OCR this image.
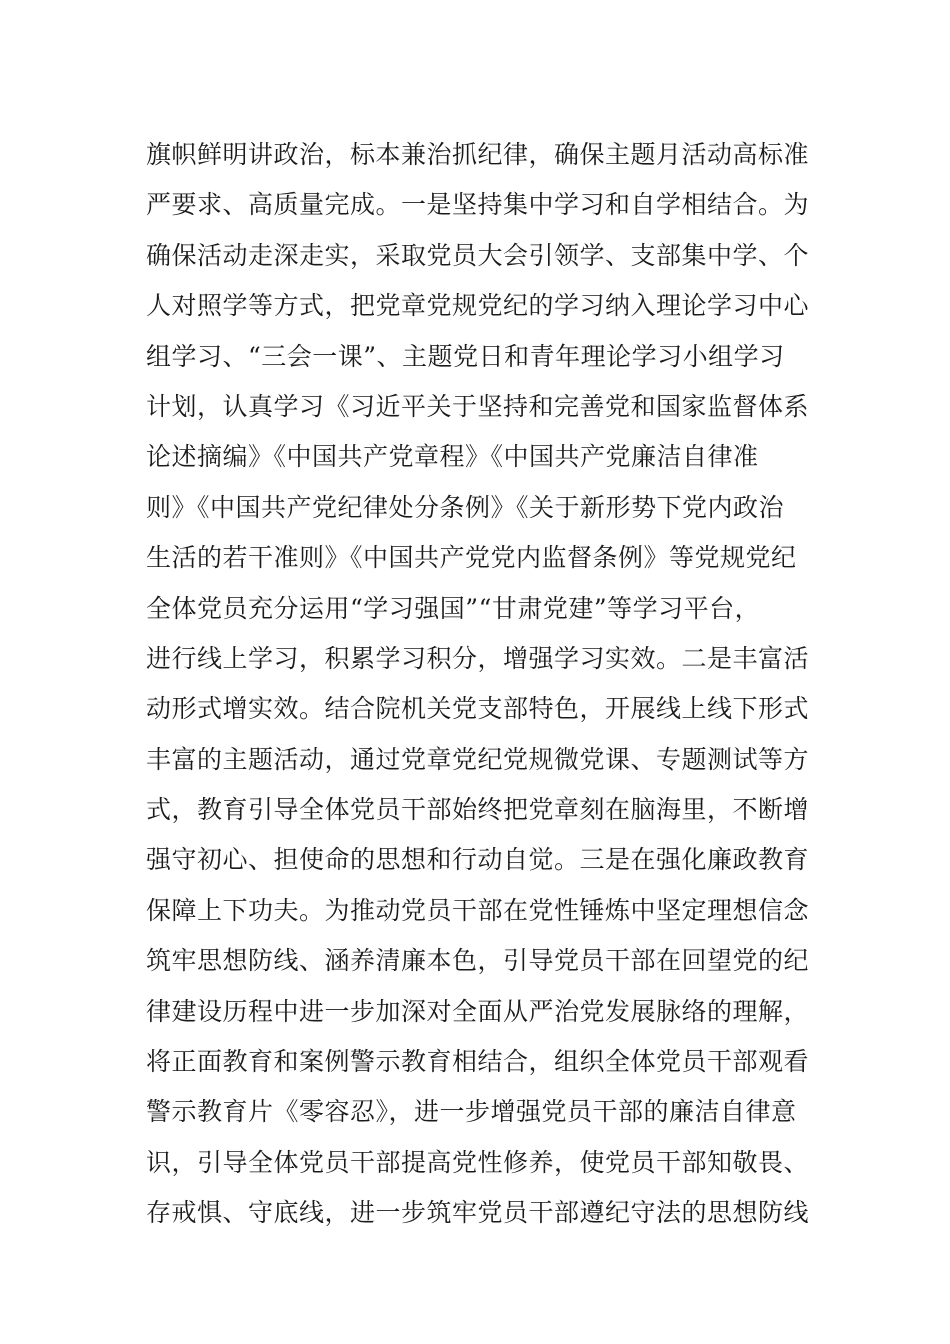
旗帜鲜明讲政治，标本兼治抓纪律，确保主题月活动高标准
严要求、高质量完成。一是坚持集中学习和自学相结合。为
确保活动走深走实，采取党员大会引领学、支部集中学、个
人对照学等方式，把党章党规党纪的学习纳入理论学习中心
组学习、“三会一课”、主题党日和青年理论学习小组学习
计划，认真学习《习近平关于坚持和完善党和国家监督体系
论述摘编》《中国共产党章程》《中国共产党廉洁自律准
则》《中国共产党纪律处分条例》《关于新形势下党内政治
生活的若干准则》《中国共产党党内监督条例》等党规党纪
全体党员充分运用“学习强国”“甘肃党建”等学习平台，
进行线上学习，积累学习积分，增强学习实效。二是丰富活
动形式增实效。结合院机关党支部特色，开展线上线下形式
丰富的主题活动，通过党章党纪党规微党课、专题测试等方
式，教育引导全体党员干部始终把党章刻在脑海里，不断增
强守初心、担使命的思想和行动自觉。三是在强化廉政教育
保障上下功夫。为推动党员干部在党性锤炼中坚定理想信念
筑牢思想防线、涵养清廉本色，引导党员干部在回望党的纪
律建设历程中进一步加深对全面从严治党发展脉络的理解，
将正面教育和案例警示教育相结合，组织全体党员干部观看
警示教育片《零容忍》，进一步增强党员干部的廉洁自律意
识，引导全体党员干部提高党性修养，使党员干部知敬畏、
存戒惧、守底线，进一步筑牢党员干部遵纪守法的思想防线
